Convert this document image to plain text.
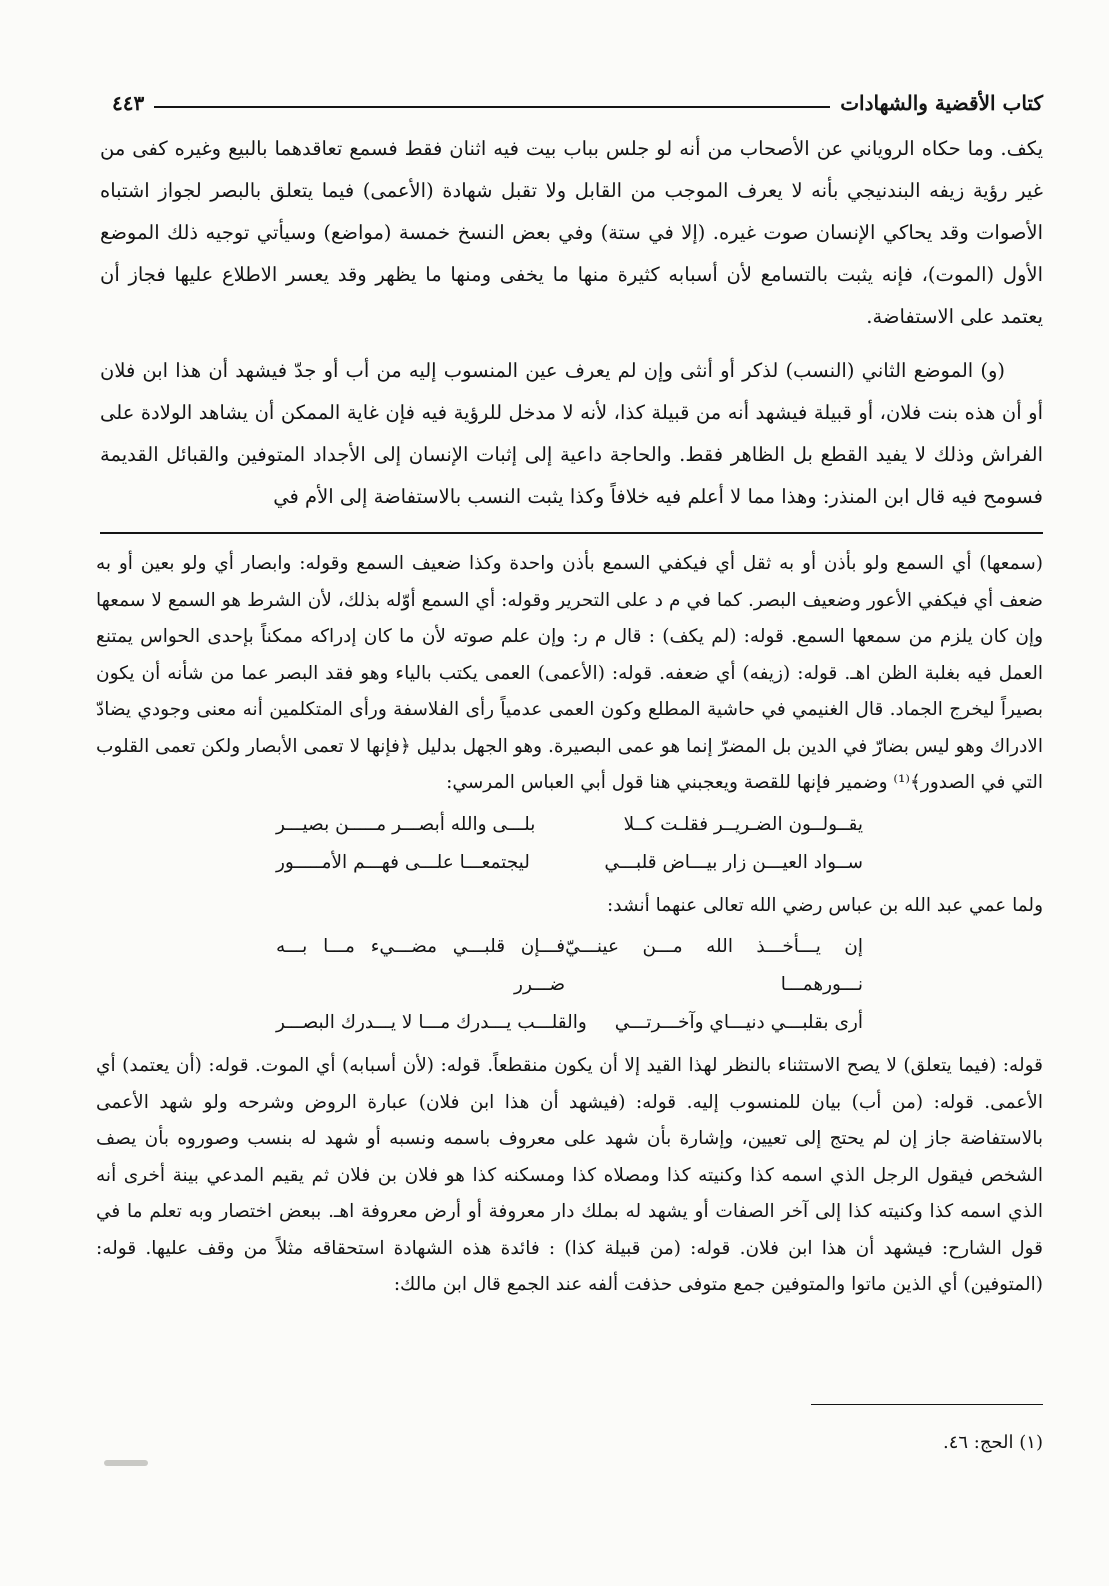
كتاب الأقضية والشهادات
٤٤٣

يكف. وما حكاه الروياني عن الأصحاب من أنه لو جلس بباب بيت فيه اثنان فقط فسمع تعاقدهما بالبيع وغيره كفى من غير رؤية زيفه البندنيجي بأنه لا يعرف الموجب من القابل ولا تقبل شهادة (الأعمى) فيما يتعلق بالبصر لجواز اشتباه الأصوات وقد يحاكي الإنسان صوت غيره. (إلا في ستة) وفي بعض النسخ خمسة (مواضع) وسيأتي توجيه ذلك الموضع الأول (الموت)، فإنه يثبت بالتسامع لأن أسبابه كثيرة منها ما يخفى ومنها ما يظهر وقد يعسر الاطلاع عليها فجاز أن يعتمد على الاستفاضة.

(و) الموضع الثاني (النسب) لذكر أو أنثى وإن لم يعرف عين المنسوب إليه من أب أو جدّ فيشهد أن هذا ابن فلان أو أن هذه بنت فلان، أو قبيلة فيشهد أنه من قبيلة كذا، لأنه لا مدخل للرؤية فيه فإن غاية الممكن أن يشاهد الولادة على الفراش وذلك لا يفيد القطع بل الظاهر فقط. والحاجة داعية إلى إثبات الإنسان إلى الأجداد المتوفين والقبائل القديمة فسومح فيه قال ابن المنذر: وهذا مما لا أعلم فيه خلافاً وكذا يثبت النسب بالاستفاضة إلى الأم في

(سمعها) أي السمع ولو بأذن أو به ثقل أي فيكفي السمع بأذن واحدة وكذا ضعيف السمع وقوله: وابصار أي ولو بعين أو به ضعف أي فيكفي الأعور وضعيف البصر. كما في م د على التحرير وقوله: أي السمع أوّله بذلك، لأن الشرط هو السمع لا سمعها وإن كان يلزم من سمعها السمع. قوله: (لم يكف) : قال م ر: وإن علم صوته لأن ما كان إدراكه ممكناً بإحدى الحواس يمتنع العمل فيه بغلبة الظن اهـ. قوله: (زيفه) أي ضعفه. قوله: (الأعمى) العمى يكتب بالياء وهو فقد البصر عما من شأنه أن يكون بصيراً ليخرج الجماد. قال الغنيمي في حاشية المطلع وكون العمى عدمياً رأى الفلاسفة ورأى المتكلمين أنه معنى وجودي يضادّ الادراك وهو ليس بضارّ في الدين بل المضرّ إنما هو عمى البصيرة. وهو الجهل بدليل ﴿فإنها لا تعمى الأبصار ولكن تعمى القلوب التي في الصدور﴾⁽¹⁾ وضمير فإنها للقصة ويعجبني هنا قول أبي العباس المرسي:

يقــولــون الضـريــر فقلـت كــلا
بلـــى والله أبصـــر مـــــن بصيـــر
ســواد العيـــن زار بيـــاض قلبـــي
ليجتمعـــا علـــى فهـــم الأمـــــور

ولما عمي عبد الله بن عباس رضي الله تعالى عنهما أنشد:

إن يـــأخـــذ الله مـــن عينـــيّ نـــورهمـــا
فـــإن قلبـــي مضـــيء مـــا بـــه ضـــرر
أرى بقلبـــي دنيـــاي وآخـــرتـــي
والقلـــب يـــدرك مـــا لا يـــدرك البصـــر

قوله: (فيما يتعلق) لا يصح الاستثناء بالنظر لهذا القيد إلا أن يكون منقطعاً. قوله: (لأن أسبابه) أي الموت. قوله: (أن يعتمد) أي الأعمى. قوله: (من أب) بيان للمنسوب إليه. قوله: (فيشهد أن هذا ابن فلان) عبارة الروض وشرحه ولو شهد الأعمى بالاستفاضة جاز إن لم يحتج إلى تعيين، وإشارة بأن شهد على معروف باسمه ونسبه أو شهد له بنسب وصوروه بأن يصف الشخص فيقول الرجل الذي اسمه كذا وكنيته كذا ومصلاه كذا ومسكنه كذا هو فلان بن فلان ثم يقيم المدعي بينة أخرى أنه الذي اسمه كذا وكنيته كذا إلى آخر الصفات أو يشهد له بملك دار معروفة أو أرض معروفة اهـ. ببعض اختصار وبه تعلم ما في قول الشارح: فيشهد أن هذا ابن فلان. قوله: (من قبيلة كذا) : فائدة هذه الشهادة استحقاقه مثلاً من وقف عليها. قوله: (المتوفين) أي الذين ماتوا والمتوفين جمع متوفى حذفت ألفه عند الجمع قال ابن مالك:

(١) الحج: ٤٦.
